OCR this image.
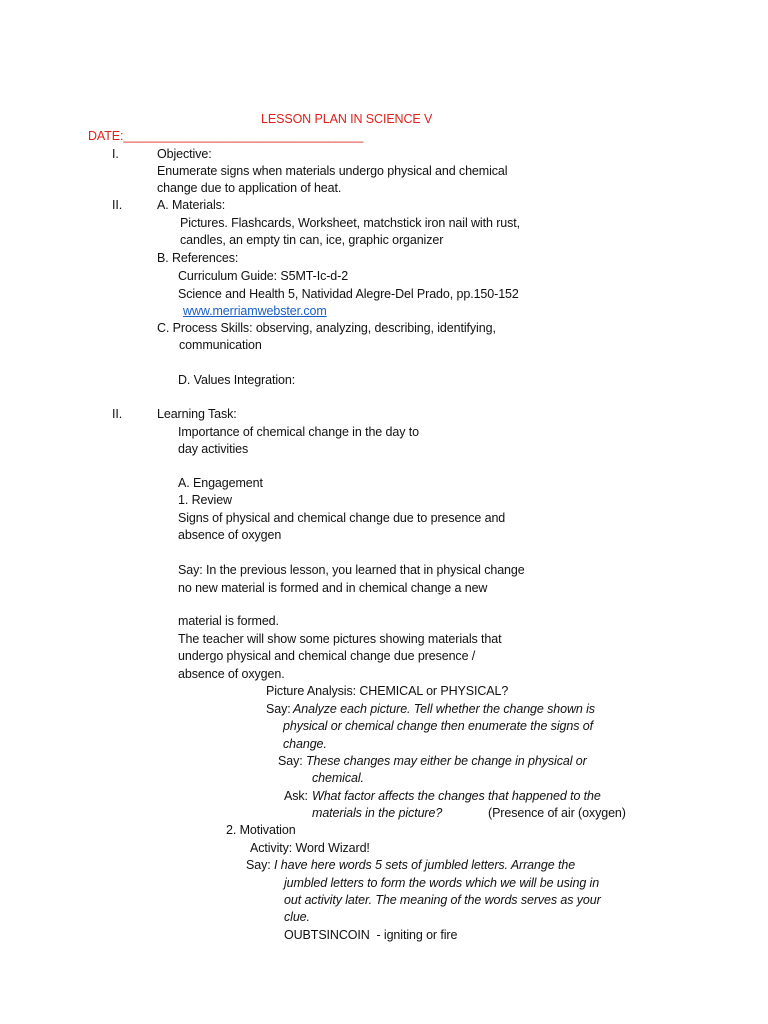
LESSON PLAN IN SCIENCE V
DATE:___________________________________
I.	Objective:
Enumerate signs when materials undergo physical and chemical
change due to application of heat.
II.	A. Materials:
Pictures. Flashcards, Worksheet, matchstick iron nail with rust,
candles, an empty tin can, ice, graphic organizer
B. References:
Curriculum Guide: S5MT-Ic-d-2
Science and Health 5, Natividad Alegre-Del Prado, pp.150-152
www.merriamwebster.com
C. Process Skills: observing, analyzing, describing, identifying,
communication
D. Values Integration:
II.	Learning Task:
Importance of chemical change in the day to
day activities
A. Engagement
1. Review
Signs of physical and chemical change due to presence and
absence of oxygen
Say: In the previous lesson, you learned that in physical change
no new material is formed and in chemical change a new
material is formed.
The teacher will show some pictures showing materials that
undergo physical and chemical change due presence /
absence of oxygen.
Picture Analysis: CHEMICAL or PHYSICAL?
Say: Analyze each picture. Tell whether the change shown is
physical or chemical change then enumerate the signs of
change.
Say: These changes may either be change in physical or
chemical.
Ask: What factor affects the changes that happened to the
materials in the picture?	(Presence of air (oxygen)
2. Motivation
Activity: Word Wizard!
Say: I have here words 5 sets of jumbled letters. Arrange the
jumbled letters to form the words which we will be using in
out activity later. The meaning of the words serves as your
clue.
OUBTSINCOIN  - igniting or fire
